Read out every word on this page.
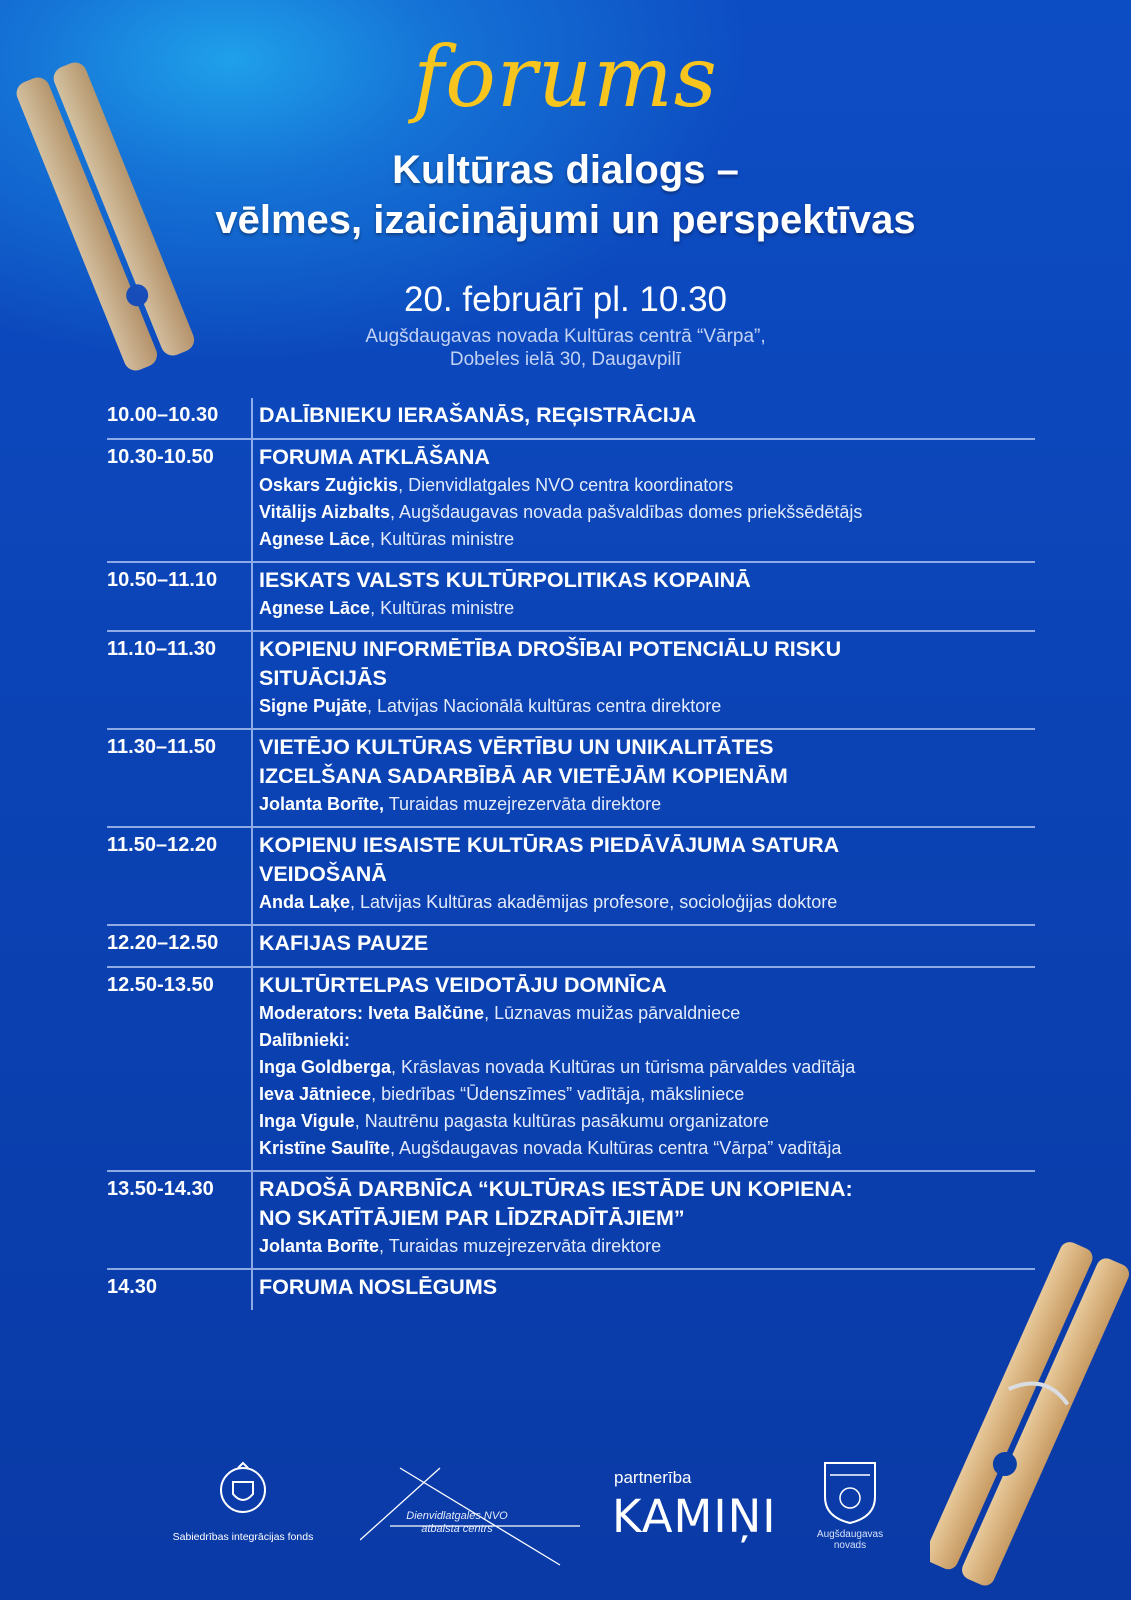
forums
Kultūras dialogs –
vēlmes, izaicinājumi un perspektīvas
20. februārī pl. 10.30
Augšdaugavas novada Kultūras centrā “Vārpa”,
Dobeles ielā 30, Daugavpilī
10.00–10.30	DALĪBNIEKU IERAŠANĀS, REĢISTRĀCIJA
10.30-10.50	FORUMA ATKLĀŠANA
Oskars Zuģickis, Dienvidlatgales NVO centra koordinators
Vitālijs Aizbalts, Augšdaugavas novada pašvaldības domes priekšsēdētājs
Agnese Lāce, Kultūras ministre
10.50–11.10	IESKATS VALSTS KULTŪRPOLITIKAS KOPAINĀ
Agnese Lāce, Kultūras ministre
11.10–11.30	KOPIENU INFORMĒTĪBA DROŠĪBAI POTENCIĀLU RISKU
SITUĀCIJĀS
Signe Pujāte, Latvijas Nacionālā kultūras centra direktore
11.30–11.50	VIETĒJO KULTŪRAS VĒRTĪBU UN UNIKALITĀTES
IZCELŠANA SADARBĪBĀ AR VIETĒJĀM KOPIENĀM
Jolanta Borīte, Turaidas muzejrezervāta direktore
11.50–12.20	KOPIENU IESAISTE KULTŪRAS PIEDĀVĀJUMA SATURA
VEIDOŠANĀ
Anda Laķe, Latvijas Kultūras akadēmijas profesore, socioloģijas doktore
12.20–12.50	KAFIJAS PAUZE
12.50-13.50	KULTŪRTELPAS VEIDOTĀJU DOMNĪCA
Moderators: Iveta Balčūne, Lūznavas muižas pārvaldniece
Dalībnieki:
Inga Goldberga, Krāslavas novada Kultūras un tūrisma pārvaldes vadītāja
Ieva Jātniece, biedrības “Ūdenszīmes” vadītāja, māksliniece
Inga Vigule, Nautrēnu pagasta kultūras pasākumu organizatore
Kristīne Saulīte, Augšdaugavas novada Kultūras centra “Vārpa” vadītāja
13.50-14.30	RADOŠĀ DARBNĪCA “KULTŪRAS IESTĀDE UN KOPIENA:
NO SKATĪTĀJIEM PAR LĪDZRADĪTĀJIEM”
Jolanta Borīte, Turaidas muzejrezervāta direktore
14.30	FORUMA NOSLĒGUMS
Sabiedrības integrācijas fonds
Dienvidlatgales NVO
atbalsta centrs
partnerība
KAMIŅI	Augšdaugavas novads
